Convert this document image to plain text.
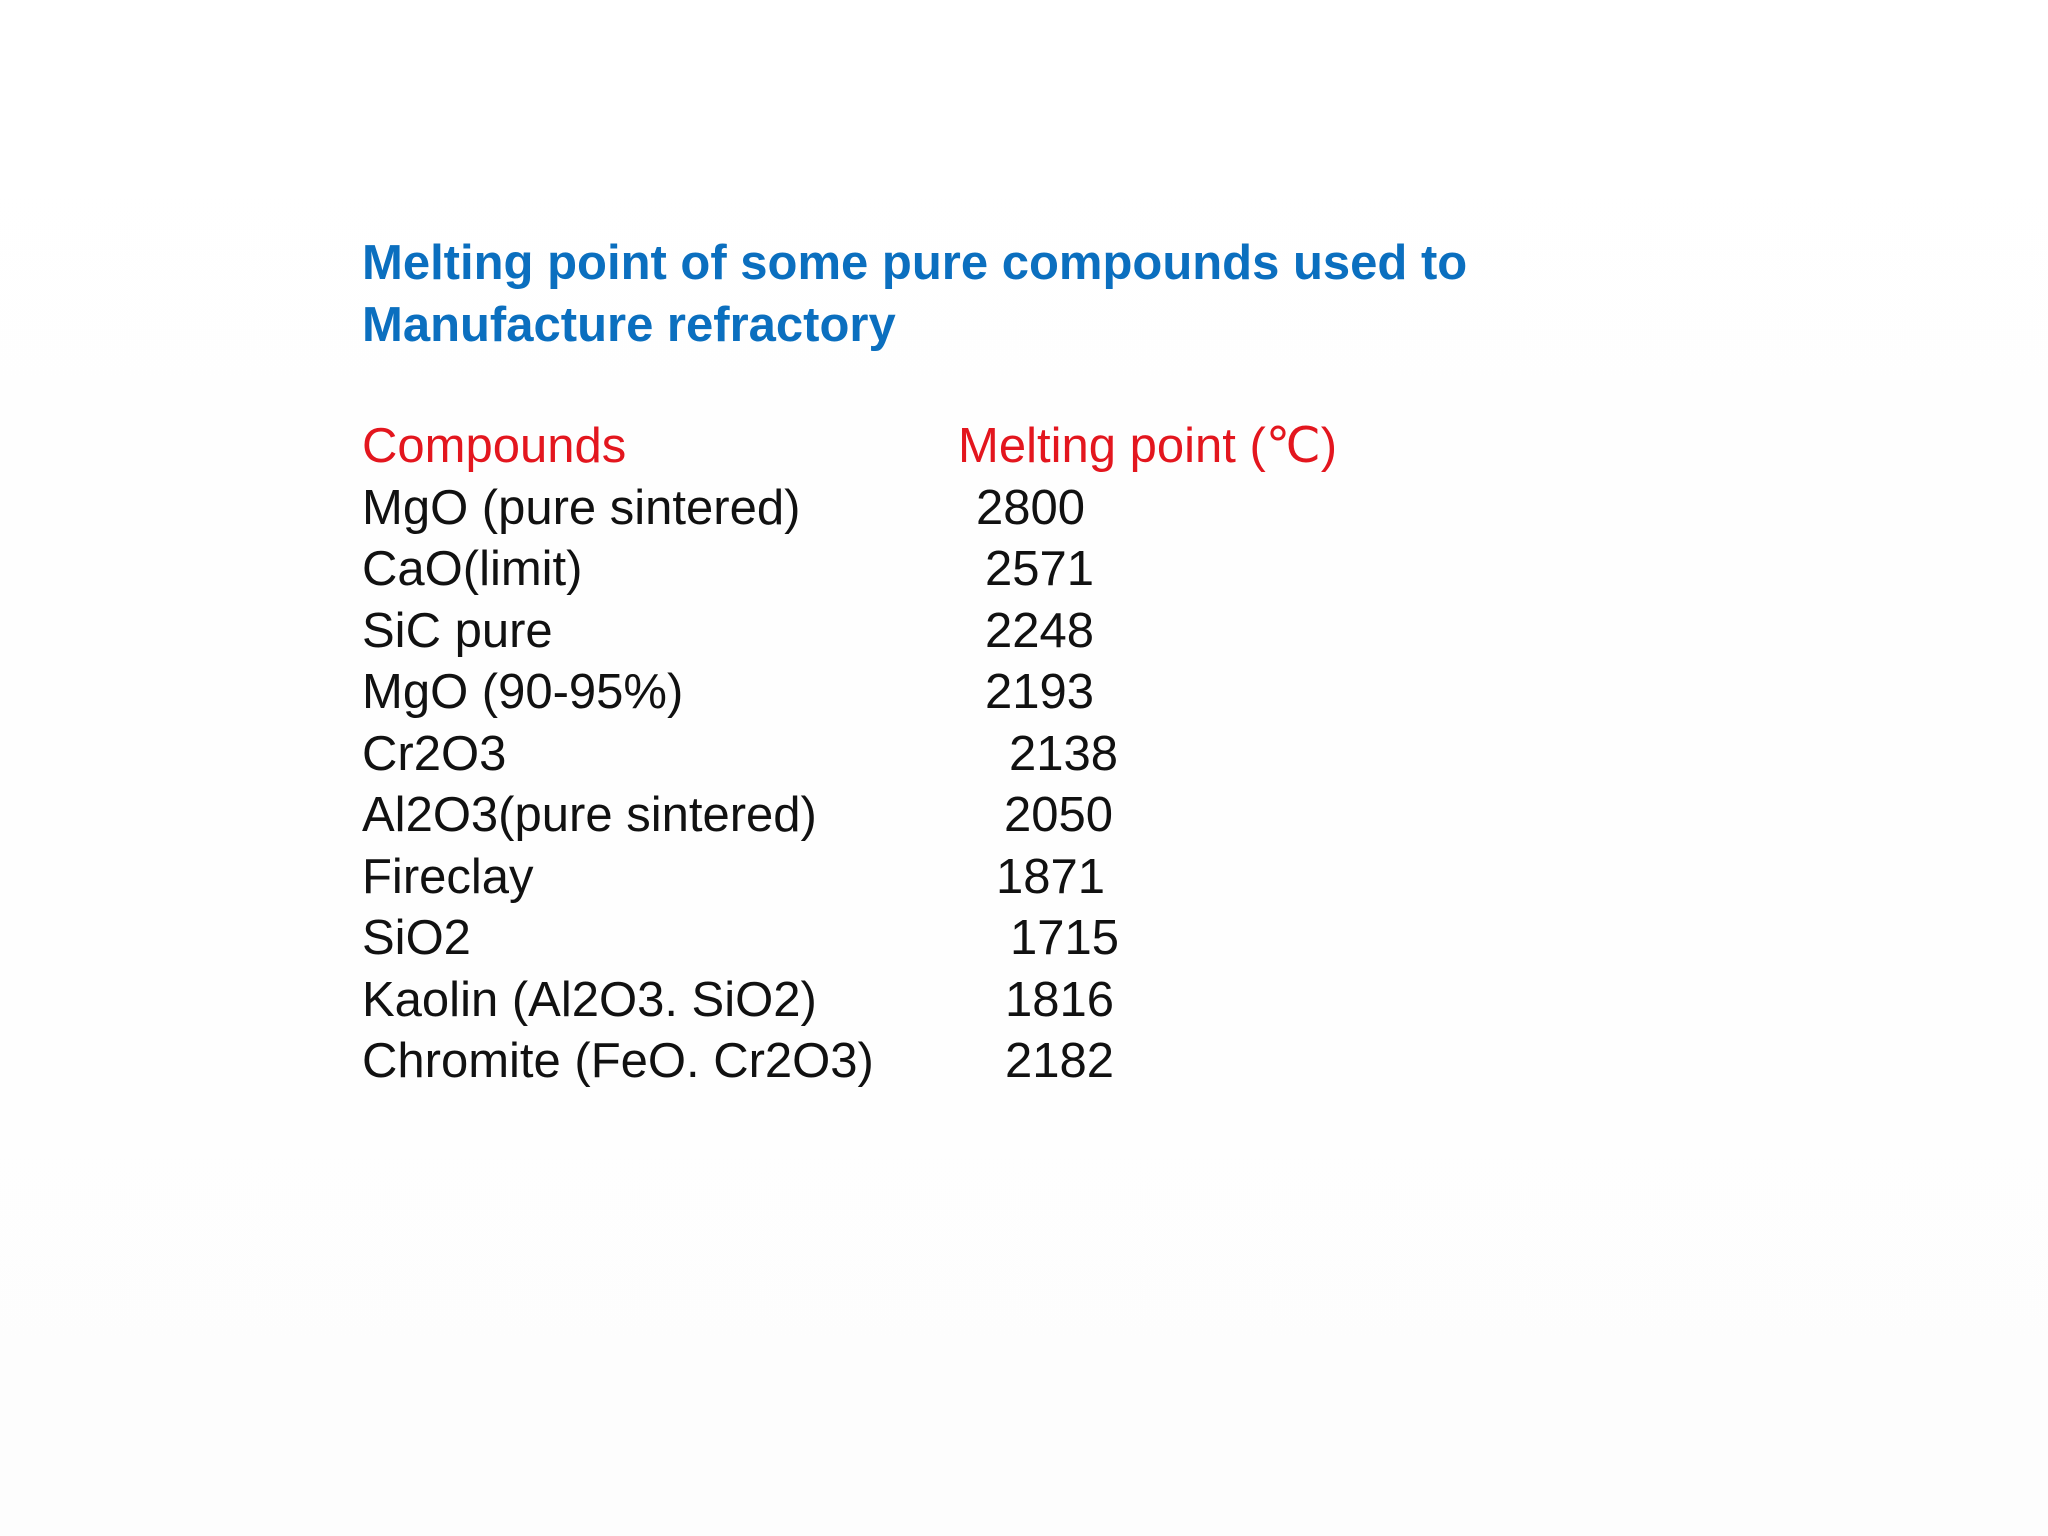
Melting point of some pure compounds used to
Manufacture refractory
Compounds	Melting point (℃)
MgO (pure sintered)	2800
CaO(limit)	2571
SiC pure	2248
MgO (90-95%)	2193
Cr2O3	2138
Al2O3(pure sintered)	2050
Fireclay	1871
SiO2	1715
Kaolin (Al2O3. SiO2)	1816
Chromite (FeO. Cr2O3)	2182
